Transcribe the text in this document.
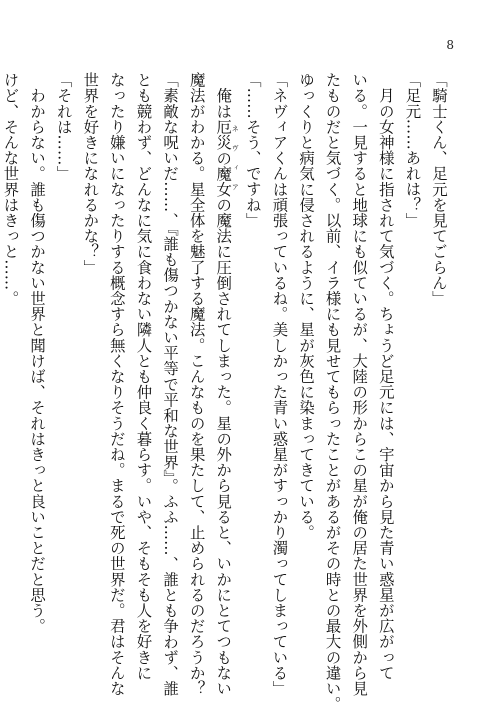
8
「騎士くん、足元を見てごらん」
「足元……あれは？」
　月の女神様に指されて気づく。ちょうど足元には、宇宙から見た青い惑星が広がって
いる。一見すると地球にも似ているが、大陸の形からこの星が俺の居た世界を外側から見
たものだと気づく。以前、イラ様にも見せてもらったことがあるがその時との最大の違い。
ゆっくりと病気に侵されるように、星が灰色に染まってきている。
「ネヴィアくんは頑張っているね。美しかった青い惑星がすっかり濁ってしまっている」
「……そう、ですね」
　俺は厄災の魔女 ネヴィアの魔法に圧倒されてしまった。星の外から見ると、いかにとてつもない
魔法がわかる。星全体を魅了する魔法。こんなものを果たして、止められるのだろうか？
「素敵な呪いだ……、『誰も傷つかない平等で平和な世界』。ふふ……、誰とも争わず、誰
とも競わず、どんなに気に食わない隣人とも仲良く暮らす。いや、そもそも人を好きに
なったり嫌いになったりする概念すら無くなりそうだね。まるで死の世界だ。君はそんな
世界を好きになれるかな？」
「それは……」
　わからない。誰も傷つかない世界と聞けば、それはきっと良いことだと思う。
けど、そんな世界はきっと……。
